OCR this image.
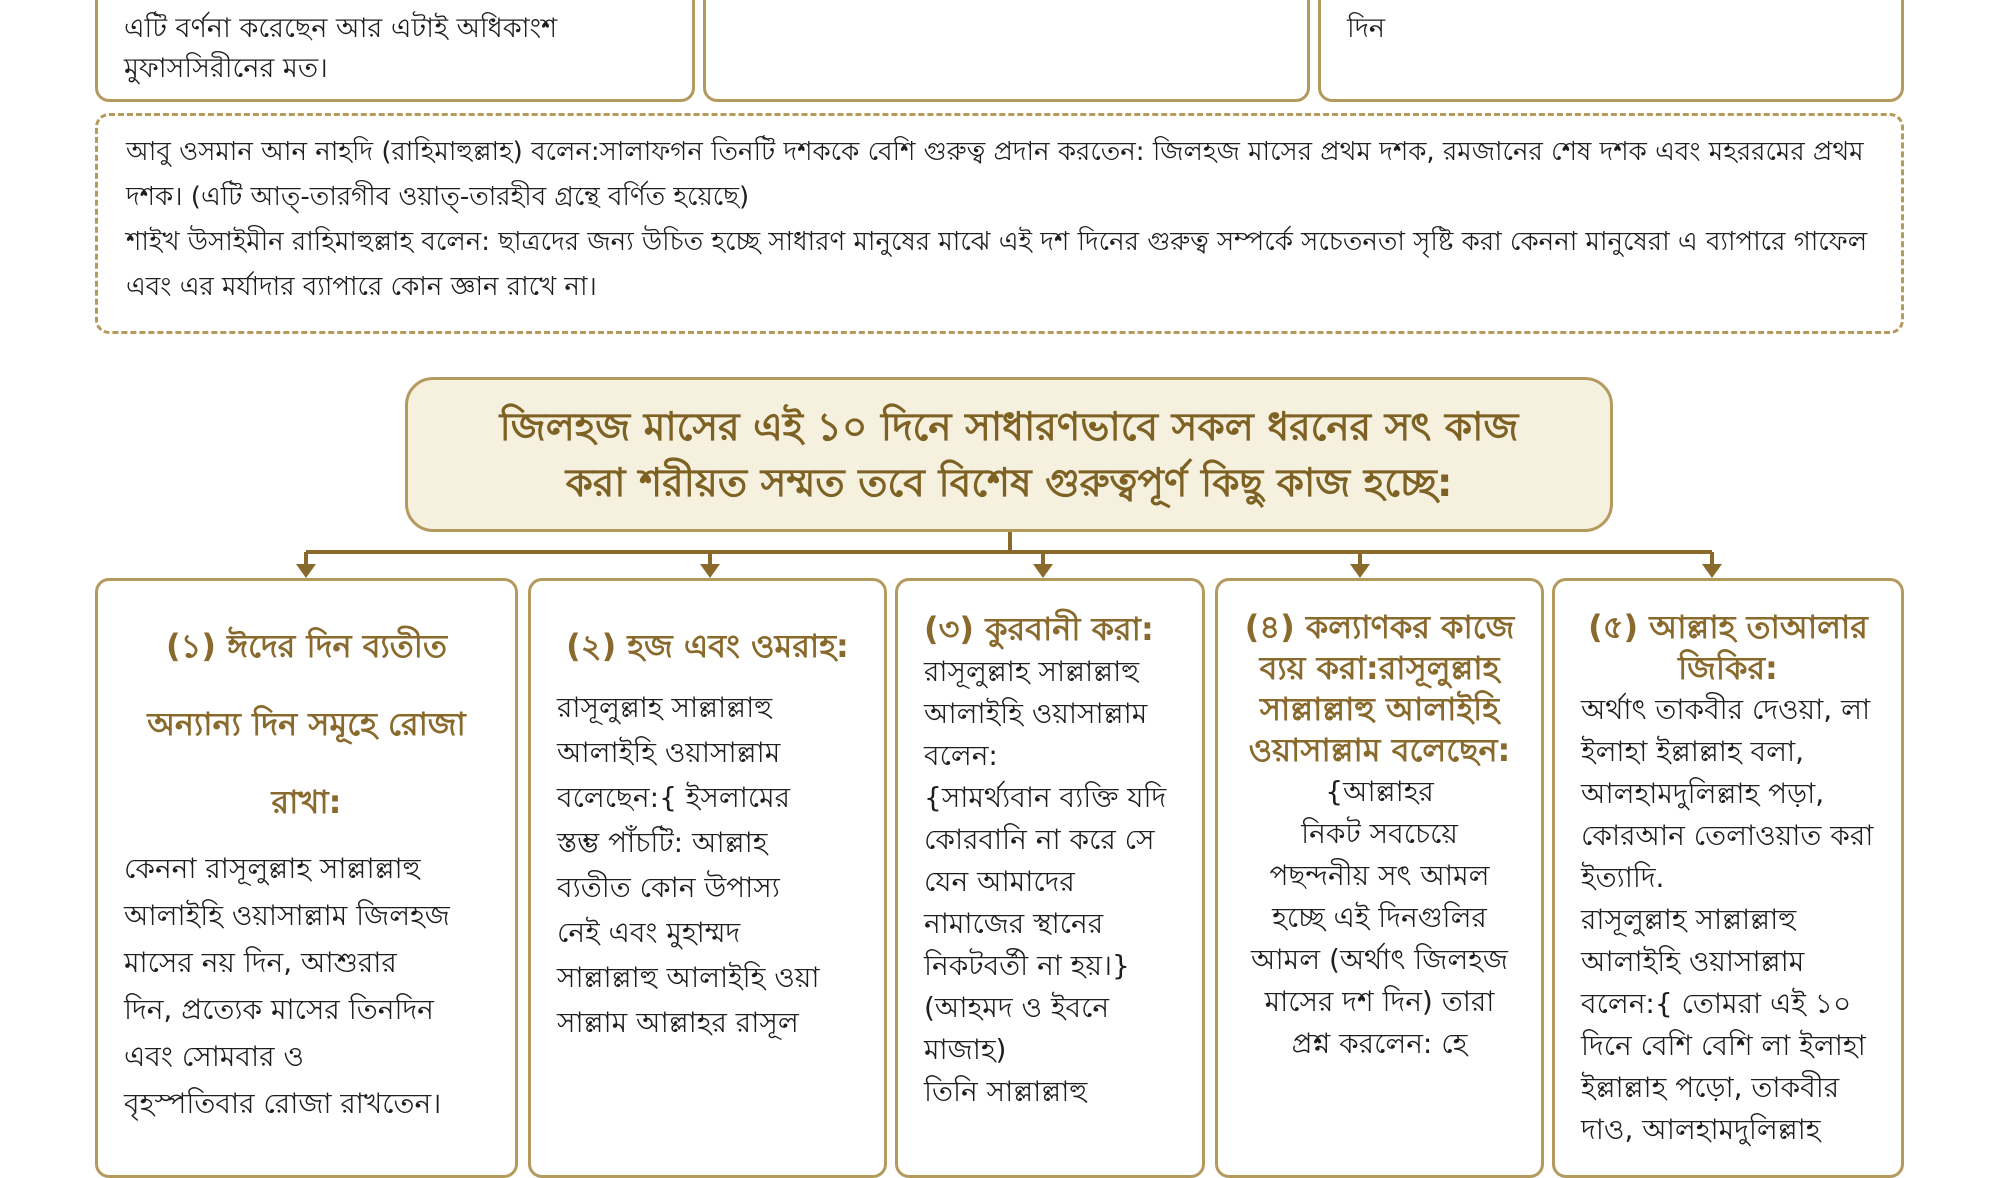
এটি বর্ণনা করেছেন আর এটাই অধিকাংশ
মুফাসসিরীনের মত।
দিন

আবু ওসমান আন নাহদি (রাহিমাহুল্লাহ) বলেন:সালাফগন তিনটি দশককে বেশি গুরুত্ব প্রদান করতেন: জিলহজ মাসের প্রথম দশক, রমজানের শেষ দশক এবং মহররমের প্রথম দশক। (এটি আত্-তারগীব ওয়াত্-তারহীব গ্রন্থে বর্ণিত হয়েছে)

শাইখ উসাইমীন রাহিমাহুল্লাহ বলেন: ছাত্রদের জন্য উচিত হচ্ছে সাধারণ মানুষের মাঝে এই দশ দিনের গুরুত্ব সম্পর্কে সচেতনতা সৃষ্টি করা কেননা মানুষেরা এ ব্যাপারে গাফেল এবং এর মর্যাদার ব্যাপারে কোন জ্ঞান রাখে না।

জিলহজ মাসের এই ১০ দিনে সাধারণভাবে সকল ধরনের সৎ কাজ
করা শরীয়ত সম্মত তবে বিশেষ গুরুত্বপূর্ণ কিছু কাজ হচ্ছে:
(১) ঈদের দিন ব্যতীত অন্যান্য দিন সমূহে রোজা রাখা:
কেননা রাসূলুল্লাহ সাল্লাল্লাহু
আলাইহি ওয়াসাল্লাম জিলহজ
মাসের নয় দিন, আশুরার
দিন, প্রত্যেক মাসের তিনদিন
এবং সোমবার ও
বৃহস্পতিবার রোজা রাখতেন।
(২) হজ এবং ওমরাহ:
রাসূলুল্লাহ সাল্লাল্লাহু
আলাইহি ওয়াসাল্লাম
বলেছেন:{ ইসলামের
স্তম্ভ পাঁচটি: আল্লাহ
ব্যতীত কোন উপাস্য
নেই এবং মুহাম্মদ
সাল্লাল্লাহু আলাইহি ওয়া
সাল্লাম আল্লাহর রাসূল
(৩) কুরবানী করা:
রাসূলুল্লাহ সাল্লাল্লাহু
আলাইহি ওয়াসাল্লাম
বলেন:
{সামর্থ্যবান ব্যক্তি যদি
কোরবানি না করে সে
যেন আমাদের
নামাজের স্থানের
নিকটবর্তী না হয়।}
(আহমদ ও ইবনে
মাজাহ)
তিনি সাল্লাল্লাহু
(৪) কল্যাণকর কাজে ব্যয় করা:রাসূলুল্লাহ সাল্লাল্লাহু আলাইহি ওয়াসাল্লাম বলেছেন:
{আল্লাহর
নিকট সবচেয়ে
পছন্দনীয় সৎ আমল
হচ্ছে এই দিনগুলির
আমল (অর্থাৎ জিলহজ
মাসের দশ দিন) তারা
প্রশ্ন করলেন: হে
(৫) আল্লাহ তাআলার জিকির:
অর্থাৎ তাকবীর দেওয়া, লা
ইলাহা ইল্লাল্লাহ বলা,
আলহামদুলিল্লাহ পড়া,
কোরআন তেলাওয়াত করা
ইত্যাদি.
রাসূলুল্লাহ সাল্লাল্লাহু
আলাইহি ওয়াসাল্লাম
বলেন:{ তোমরা এই ১০
দিনে বেশি বেশি লা ইলাহা
ইল্লাল্লাহ পড়ো, তাকবীর
দাও, আলহামদুলিল্লাহ
